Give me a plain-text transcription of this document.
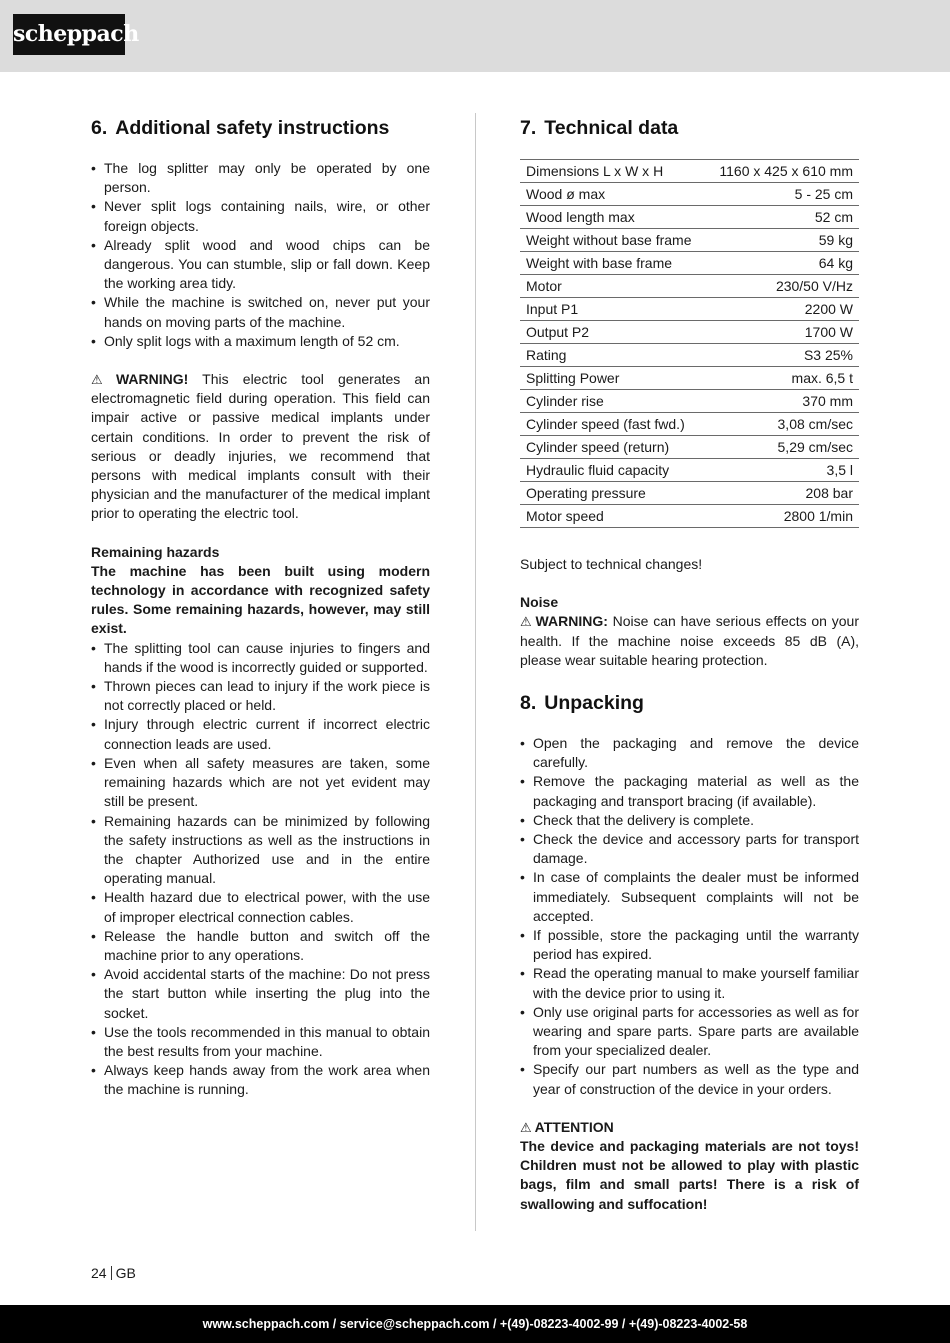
scheppach
6. Additional safety instructions
• The log splitter may only be operated by one person.
• Never split logs containing nails, wire, or other foreign objects.
• Already split wood and wood chips can be dangerous. You can stumble, slip or fall down. Keep the working area tidy.
• While the machine is switched on, never put your hands on moving parts of the machine.
• Only split logs with a maximum length of 52 cm.

⚠ WARNING! This electric tool generates an electromagnetic field during operation. This field can impair active or passive medical implants under certain conditions. In order to prevent the risk of serious or deadly injuries, we recommend that persons with medical implants consult with their physician and the manufacturer of the medical implant prior to operating the electric tool.

Remaining hazards

The machine has been built using modern technology in accordance with recognized safety rules. Some remaining hazards, however, may still exist.

• The splitting tool can cause injuries to fingers and hands if the wood is incorrectly guided or supported.
• Thrown pieces can lead to injury if the work piece is not correctly placed or held.
• Injury through electric current if incorrect electric connection leads are used.
• Even when all safety measures are taken, some remaining hazards which are not yet evident may still be present.
• Remaining hazards can be minimized by following the safety instructions as well as the instructions in the chapter Authorized use and in the entire operating manual.
• Health hazard due to electrical power, with the use of improper electrical connection cables.
• Release the handle button and switch off the machine prior to any operations.
• Avoid accidental starts of the machine: Do not press the start button while inserting the plug into the socket.
• Use the tools recommended in this manual to obtain the best results from your machine.
• Always keep hands away from the work area when the machine is running.
7. Technical data
Dimensions L x W x H	1160 x 425 x 610 mm
Wood ø max	5 - 25 cm
Wood length max	52 cm
Weight without base frame	59 kg
Weight with base frame	64 kg
Motor	230/50 V/Hz
Input P1	2200 W
Output P2	1700 W
Rating	S3 25%
Splitting Power	max. 6,5 t
Cylinder rise	370 mm
Cylinder speed (fast fwd.)	3,08 cm/sec
Cylinder speed (return)	5,29 cm/sec
Hydraulic fluid capacity	3,5 l
Operating pressure	208 bar
Motor speed	2800 1/min

Subject to technical changes!

Noise

⚠ WARNING: Noise can have serious effects on your health. If the machine noise exceeds 85 dB (A), please wear suitable hearing protection.

8. Unpacking
• Open the packaging and remove the device carefully.
• Remove the packaging material as well as the packaging and transport bracing (if available).
• Check that the delivery is complete.
• Check the device and accessory parts for transport damage.
• In case of complaints the dealer must be informed immediately. Subsequent complaints will not be accepted.
• If possible, store the packaging until the warranty period has expired.
• Read the operating manual to make yourself familiar with the device prior to using it.
• Only use original parts for accessories as well as for wearing and spare parts. Spare parts are available from your specialized dealer.
• Specify our part numbers as well as the type and year of construction of the device in your orders.

⚠ ATTENTION

The device and packaging materials are not toys! Children must not be allowed to play with plastic bags, film and small parts! There is a risk of swallowing and suffocation!

24 GB
www.scheppach.com / service@scheppach.com / +(49)-08223-4002-99 / +(49)-08223-4002-58
